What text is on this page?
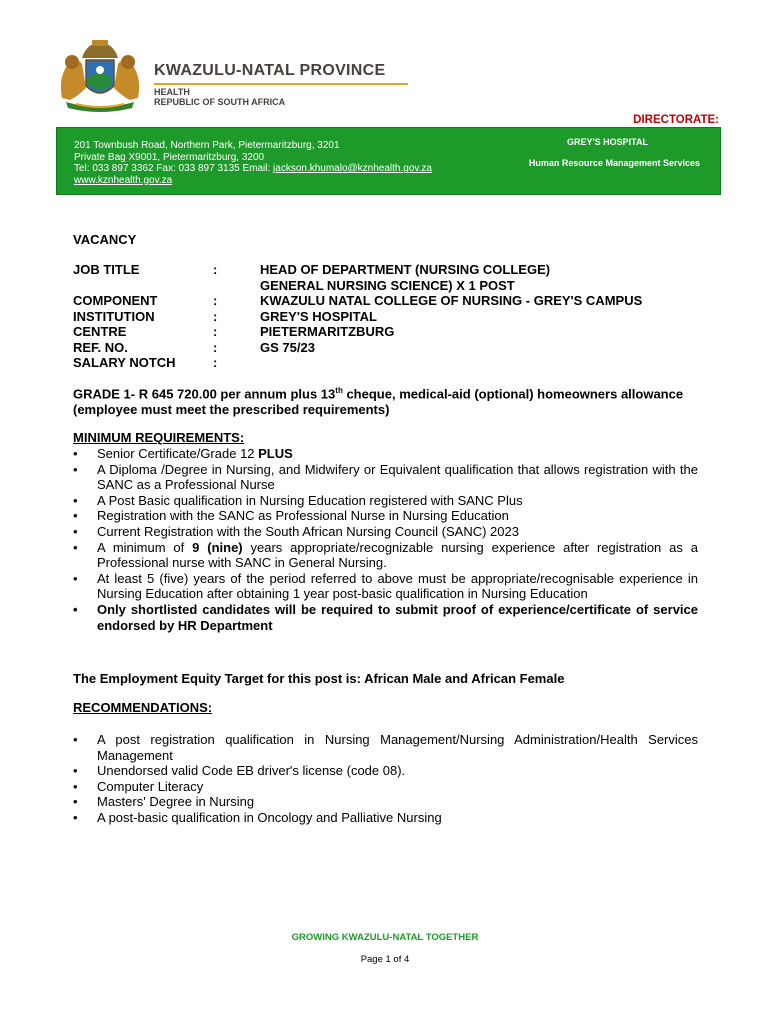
KWAZULU-NATAL PROVINCE
HEALTH
REPUBLIC OF SOUTH AFRICA
DIRECTORATE:
201 Townbush Road, Northern Park, Pietermaritzburg, 3201
Private Bag X9001, Pietermaritzburg, 3200
Tel: 033 897 3362 Fax: 033 897 3135 Email: jackson.khumalo@kznhealth.gov.za
www.kznhealth.gov.za
GREY'S HOSPITAL
Human Resource Management Services
VACANCY
JOB TITLE	:	HEAD OF DEPARTMENT (NURSING COLLEGE)
GENERAL NURSING SCIENCE) X 1 POST
COMPONENT	:	KWAZULU NATAL COLLEGE OF NURSING - GREY'S CAMPUS
INSTITUTION	:	GREY'S HOSPITAL
CENTRE	:	PIETERMARITZBURG
REF. NO.	:	GS 75/23
SALARY NOTCH	:
GRADE 1- R 645 720.00 per annum plus 13th cheque, medical-aid (optional) homeowners allowance (employee must meet the prescribed requirements)
MINIMUM REQUIREMENTS:
• Senior Certificate/Grade 12 PLUS
• A Diploma /Degree in Nursing, and Midwifery or Equivalent qualification that allows registration with the SANC as a Professional Nurse
• A Post Basic qualification in Nursing Education registered with SANC Plus
• Registration with the SANC as Professional Nurse in Nursing Education
• Current Registration with the South African Nursing Council (SANC) 2023
• A minimum of 9 (nine) years appropriate/recognizable nursing experience after registration as a Professional nurse with SANC in General Nursing.
• At least 5 (five) years of the period referred to above must be appropriate/recognisable experience in Nursing Education after obtaining 1 year post-basic qualification in Nursing Education
• Only shortlisted candidates will be required to submit proof of experience/certificate of service endorsed by HR Department
The Employment Equity Target for this post is: African Male and African Female
RECOMMENDATIONS:
• A post registration qualification in Nursing Management/Nursing Administration/Health Services Management
• Unendorsed valid Code EB driver's license (code 08).
• Computer Literacy
• Masters' Degree in Nursing
• A post-basic qualification in Oncology and Palliative Nursing
GROWING KWAZULU-NATAL TOGETHER
Page 1 of 4
